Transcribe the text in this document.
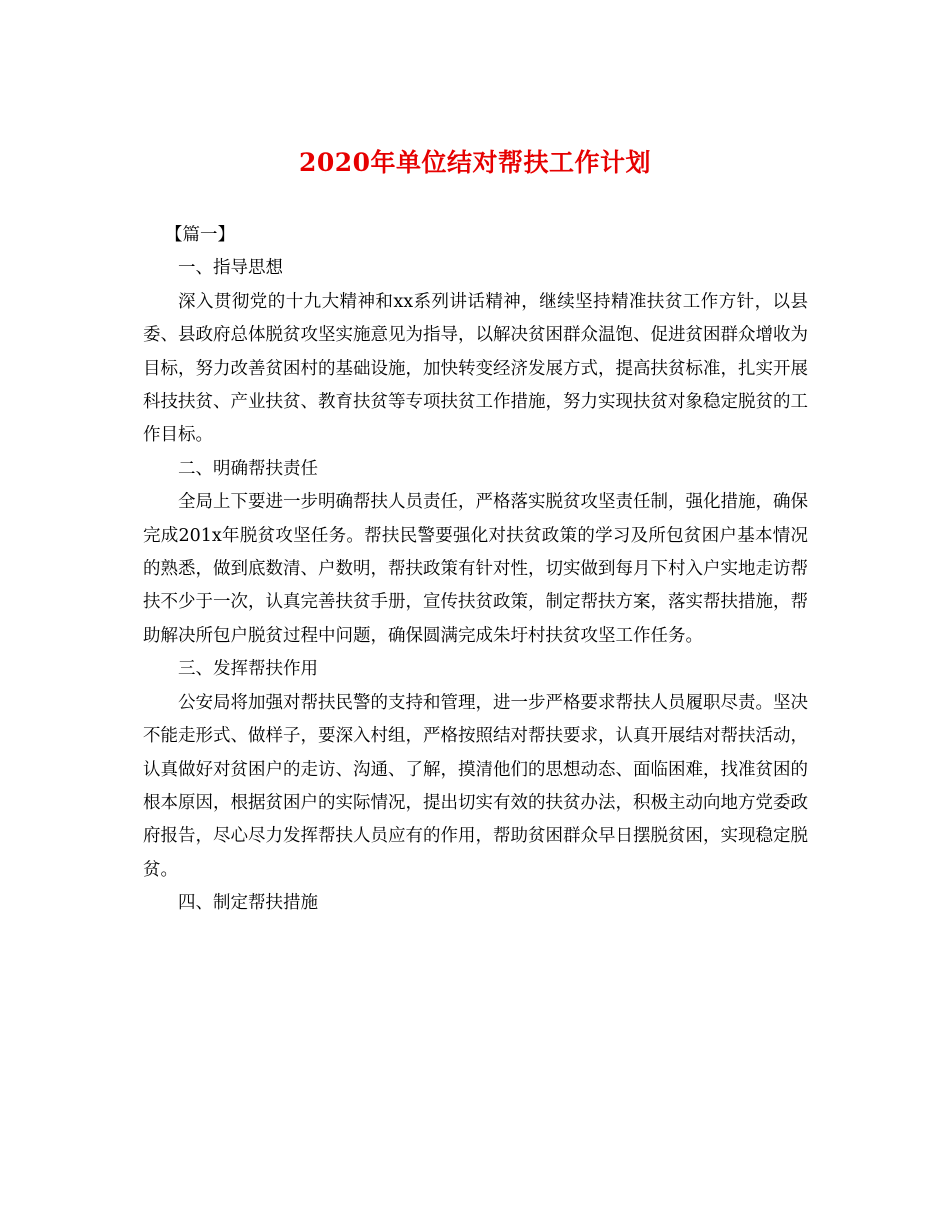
2020年单位结对帮扶工作计划

【篇一】

一、指导思想

深入贯彻党的十九大精神和xx系列讲话精神，继续坚持精准扶贫工作方针，以县委、县政府总体脱贫攻坚实施意见为指导，以解决贫困群众温饱、促进贫困群众增收为目标，努力改善贫困村的基础设施，加快转变经济发展方式，提高扶贫标准，扎实开展科技扶贫、产业扶贫、教育扶贫等专项扶贫工作措施，努力实现扶贫对象稳定脱贫的工作目标。

二、明确帮扶责任

全局上下要进一步明确帮扶人员责任，严格落实脱贫攻坚责任制，强化措施，确保完成201x年脱贫攻坚任务。帮扶民警要强化对扶贫政策的学习及所包贫困户基本情况的熟悉，做到底数清、户数明，帮扶政策有针对性，切实做到每月下村入户实地走访帮扶不少于一次，认真完善扶贫手册，宣传扶贫政策，制定帮扶方案，落实帮扶措施，帮助解决所包户脱贫过程中问题，确保圆满完成朱圩村扶贫攻坚工作任务。

三、发挥帮扶作用

公安局将加强对帮扶民警的支持和管理，进一步严格要求帮扶人员履职尽责。坚决不能走形式、做样子，要深入村组，严格按照结对帮扶要求，认真开展结对帮扶活动，认真做好对贫困户的走访、沟通、了解，摸清他们的思想动态、面临困难，找准贫困的根本原因，根据贫困户的实际情况，提出切实有效的扶贫办法，积极主动向地方党委政府报告，尽心尽力发挥帮扶人员应有的作用，帮助贫困群众早日摆脱贫困，实现稳定脱贫。

四、制定帮扶措施
